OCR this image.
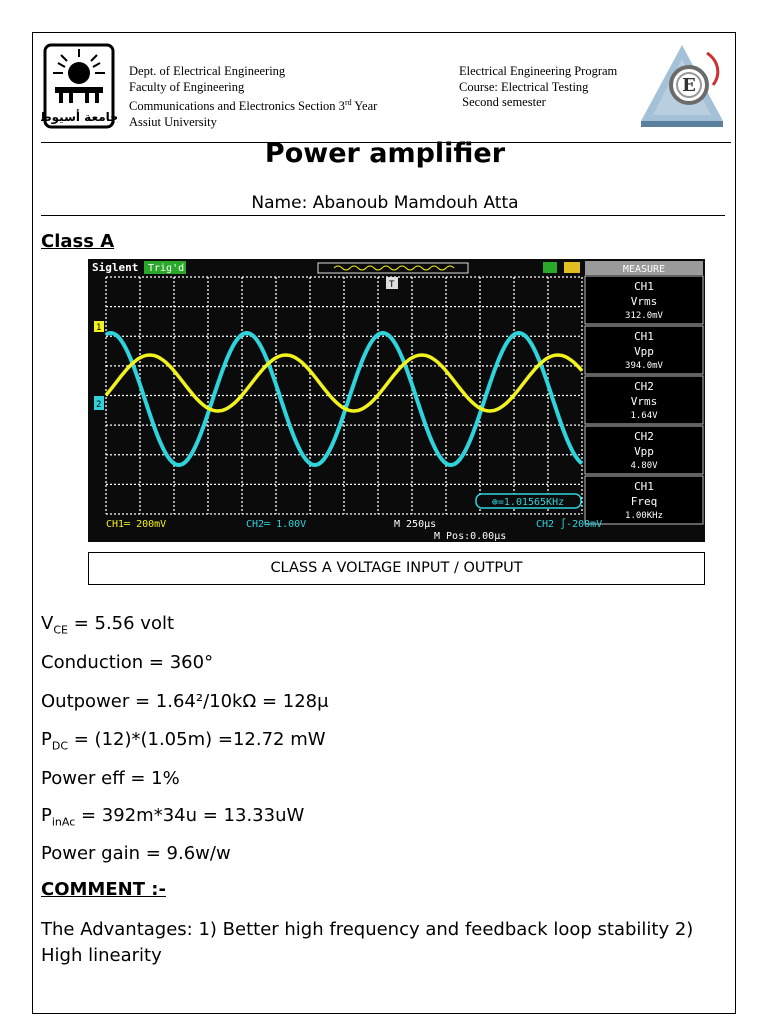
جامعة أسيوط
Dept. of Electrical Engineering
Faculty of Engineering
Communications and Electronics Section 3rd Year
Assiut University
Electrical Engineering Program
Course: Electrical Testing
Second semester
E
Power amplifier
Name: Abanoub Mamdouh Atta
Class A
Siglent Trig'd	MEASURE
1
2
T	CH1
Vrms
312.0mV
CH1
Vpp
394.0mV
CH2
Vrms
1.64V
CH2
Vpp
4.80V
CH1
Freq
1.00KHz
⊕=1.01565KHz
CH1═ 200mV	CH2═ 1.00V	M 250μs
M Pos:0.00μs
CH2 ∫-200mV
CLASS A VOLTAGE INPUT / OUTPUT
$V_{CE} = 5.56$ volt
Conduction = 360°
Outpower = 1.64²/10kΩ = 128μ
$P_{DC} = (12)*(1.05m) =12.72$ mW
Power eff = 1%
$P_{inAc} = 392m*34u = 13.33uW$
Power gain = 9.6w/w
COMMENT :-
The Advantages: 1) Better high frequency and feedback loop stability 2) High linearity
